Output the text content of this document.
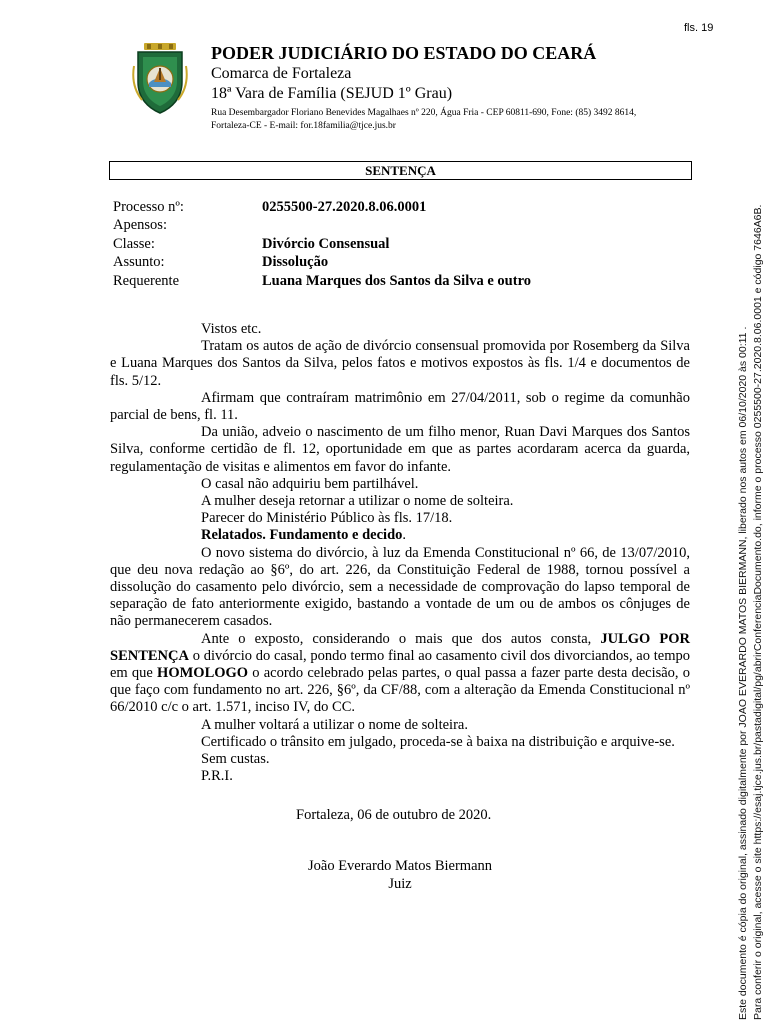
fls. 19
PODER JUDICIÁRIO DO ESTADO DO CEARÁ
Comarca de Fortaleza
18ª Vara de Família (SEJUD 1º Grau)
Rua Desembargador Floriano Benevides Magalhaes nº 220, Água Fria - CEP 60811-690, Fone: (85) 3492 8614,
Fortaleza-CE - E-mail: for.18familia@tjce.jus.br
SENTENÇA
Processo nº:	0255500-27.2020.8.06.0001
Apensos:
Classe:	Divórcio Consensual
Assunto:	Dissolução
Requerente	Luana Marques dos Santos da Silva e outro

Vistos etc.

Tratam os autos de ação de divórcio consensual promovida por Rosemberg da Silva e Luana Marques dos Santos da Silva, pelos fatos e motivos expostos às fls. 1/4 e documentos de fls. 5/12.

Afirmam que contraíram matrimônio em 27/04/2011, sob o regime da comunhão parcial de bens, fl. 11.

Da união, adveio o nascimento de um filho menor, Ruan Davi Marques dos Santos Silva, conforme certidão de fl. 12, oportunidade em que as partes acordaram acerca da guarda, regulamentação de visitas e alimentos em favor do infante.

O casal não adquiriu bem partilhável.

A mulher deseja retornar a utilizar o nome de solteira.

Parecer do Ministério Público às fls. 17/18.

Relatados. Fundamento e decido.

O novo sistema do divórcio, à luz da Emenda Constitucional nº 66, de 13/07/2010, que deu nova redação ao §6º, do art. 226, da Constituição Federal de 1988, tornou possível a dissolução do casamento pelo divórcio, sem a necessidade de comprovação do lapso temporal de separação de fato anteriormente exigido, bastando a vontade de um ou de ambos os cônjuges de não permanecerem casados.

Ante o exposto, considerando o mais que dos autos consta, JULGO POR SENTENÇA o divórcio do casal, pondo termo final ao casamento civil dos divorciandos, ao tempo em que HOMOLOGO o acordo celebrado pelas partes, o qual passa a fazer parte desta decisão, o que faço com fundamento no art. 226, §6º, da CF/88, com a alteração da Emenda Constitucional nº 66/2010 c/c o art. 1.571, inciso IV, do CC.

A mulher voltará a utilizar o nome de solteira.

Certificado o trânsito em julgado, proceda-se à baixa na distribuição e arquive-se.

Sem custas.

P.R.I.

Fortaleza, 06 de outubro de 2020.
João Everardo Matos Biermann
Juiz	Este documento é cópia do original, assinado digitalmente por JOAO EVERARDO MATOS BIERMANN, liberado nos autos em 06/10/2020 às 00:11 . Para conferir o original, acesse o site https://esaj.tjce.jus.br/pastadigital/pg/abrirConferenciaDocumento.do, informe o processo 0255500-27.2020.8.06.0001 e código 7646A6B.
